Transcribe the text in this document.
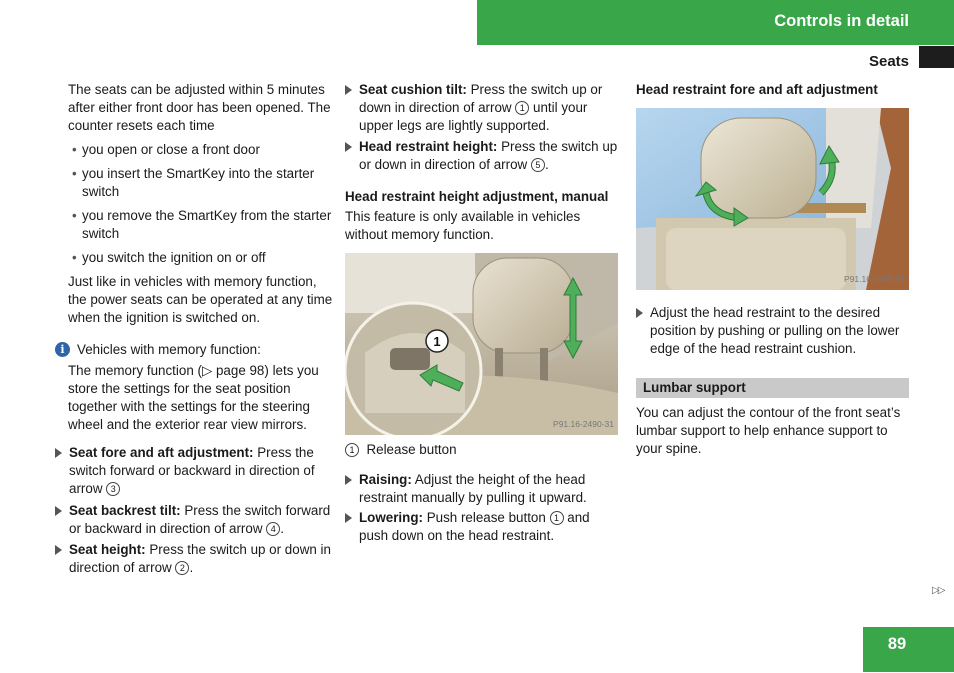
Controls in detail
Seats

The seats can be adjusted within 5 minutes after either front door has been opened. The counter resets each time

• you open or close a front door

• you insert the SmartKey into the starter switch

• you remove the SmartKey from the starter switch

• you switch the ignition on or off

Just like in vehicles with memory function, the power seats can be operated at any time when the ignition is switched on.

i Vehicles with memory function:

The memory function (▷ page 98) lets you store the settings for the seat position together with the settings for the steering wheel and the exterior rear view mirrors.

Seat fore and aft adjustment: Press the switch forward or backward in direction of arrow 3

Seat backrest tilt: Press the switch forward or backward in direction of arrow 4 .

Seat height: Press the switch up or down in direction of arrow 2 .

Seat cushion tilt: Press the switch up or down in direction of arrow 1 until your upper legs are lightly supported.

Head restraint height: Press the switch up or down in direction of arrow 5 .

Head restraint height adjustment, manual

This feature is only available in vehicles without memory function.

1
P91.16-2490-31

1 Release button

Raising: Adjust the height of the head restraint manually by pulling it upward.

Lowering: Push release button 1 and push down on the head restraint.

Head restraint fore and aft adjustment

P91.16-2498-31

Adjust the head restraint to the desired position by pushing or pulling on the lower edge of the head restraint cushion.

Lumbar support

You can adjust the contour of the front seat’s lumbar support to help enhance support to your spine.

▷▷
89
